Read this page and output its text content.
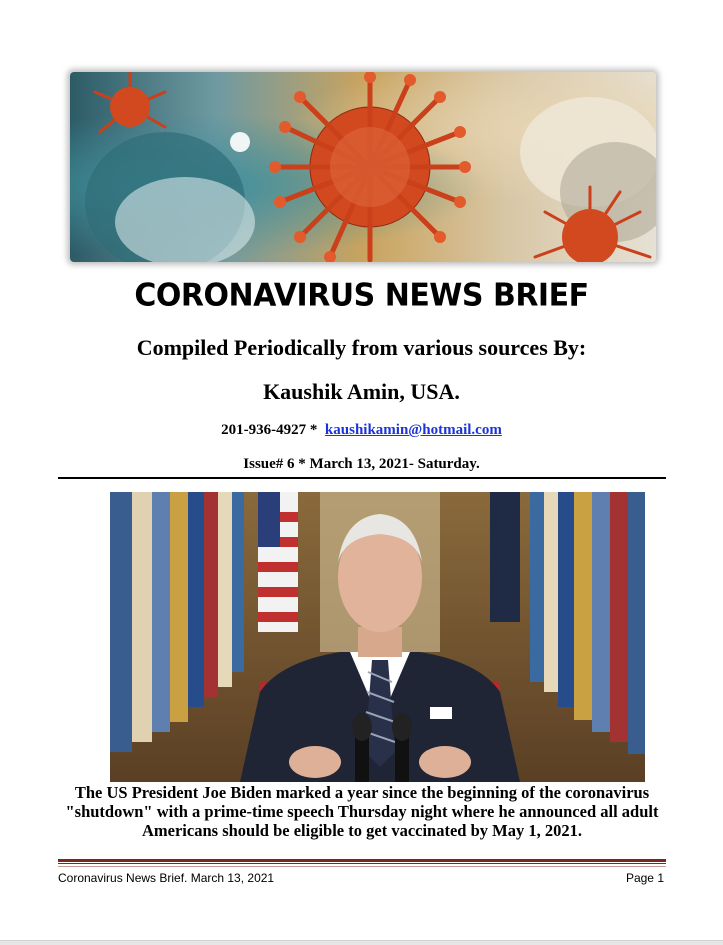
CORONAVIRUS NEWS BRIEF
Compiled Periodically from various sources By:
Kaushik Amin, USA.
201-936-4927 * kaushikamin@hotmail.com
Issue# 6 * March 13, 2021- Saturday.
The US President Joe Biden marked a year since the beginning of the coronavirus "shutdown" with a prime-time speech Thursday night where he announced all adult Americans should be eligible to get vaccinated by May 1, 2021.
Coronavirus News Brief. March 13, 2021	Page 1
